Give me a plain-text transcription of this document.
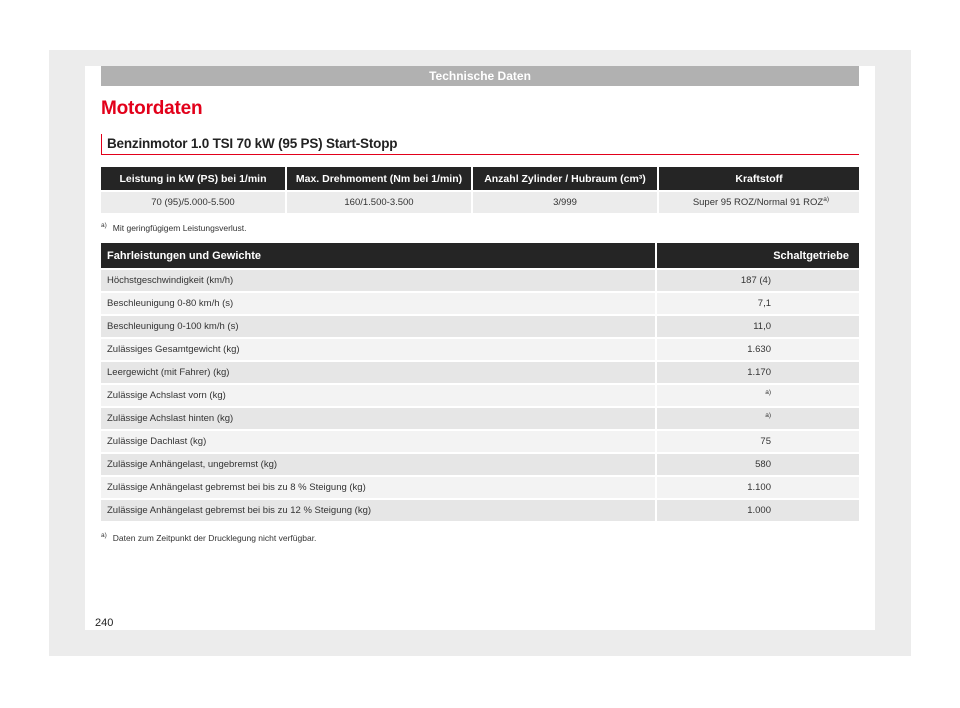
Technische Daten
Motordaten
Benzinmotor 1.0 TSI 70 kW (95 PS) Start-Stopp
Leistung in kW (PS) bei 1/min	Max. Drehmoment (Nm bei 1/min)	Anzahl Zylinder / Hubraum (cm³)	Kraftstoff
70 (95)/5.000-5.500	160/1.500-3.500	3/999	Super 95 ROZ/Normal 91 ROZ$^{a)}$
$^{a)}$ Mit geringfügigem Leistungsverlust.
Fahrleistungen und Gewichte	Schaltgetriebe
Höchstgeschwindigkeit (km/h)	187 (4)
Beschleunigung 0-80 km/h (s)	7,1
Beschleunigung 0-100 km/h (s)	11,0
Zulässiges Gesamtgewicht (kg)	1.630
Leergewicht (mit Fahrer) (kg)	1.170
Zulässige Achslast vorn (kg)	$^{a)}$
Zulässige Achslast hinten (kg)	$^{a)}$
Zulässige Dachlast (kg)	75
Zulässige Anhängelast, ungebremst (kg)	580
Zulässige Anhängelast gebremst bei bis zu 8 % Steigung (kg)	1.100
Zulässige Anhängelast gebremst bei bis zu 12 % Steigung (kg)	1.000
$^{a)}$ Daten zum Zeitpunkt der Drucklegung nicht verfügbar.
240
